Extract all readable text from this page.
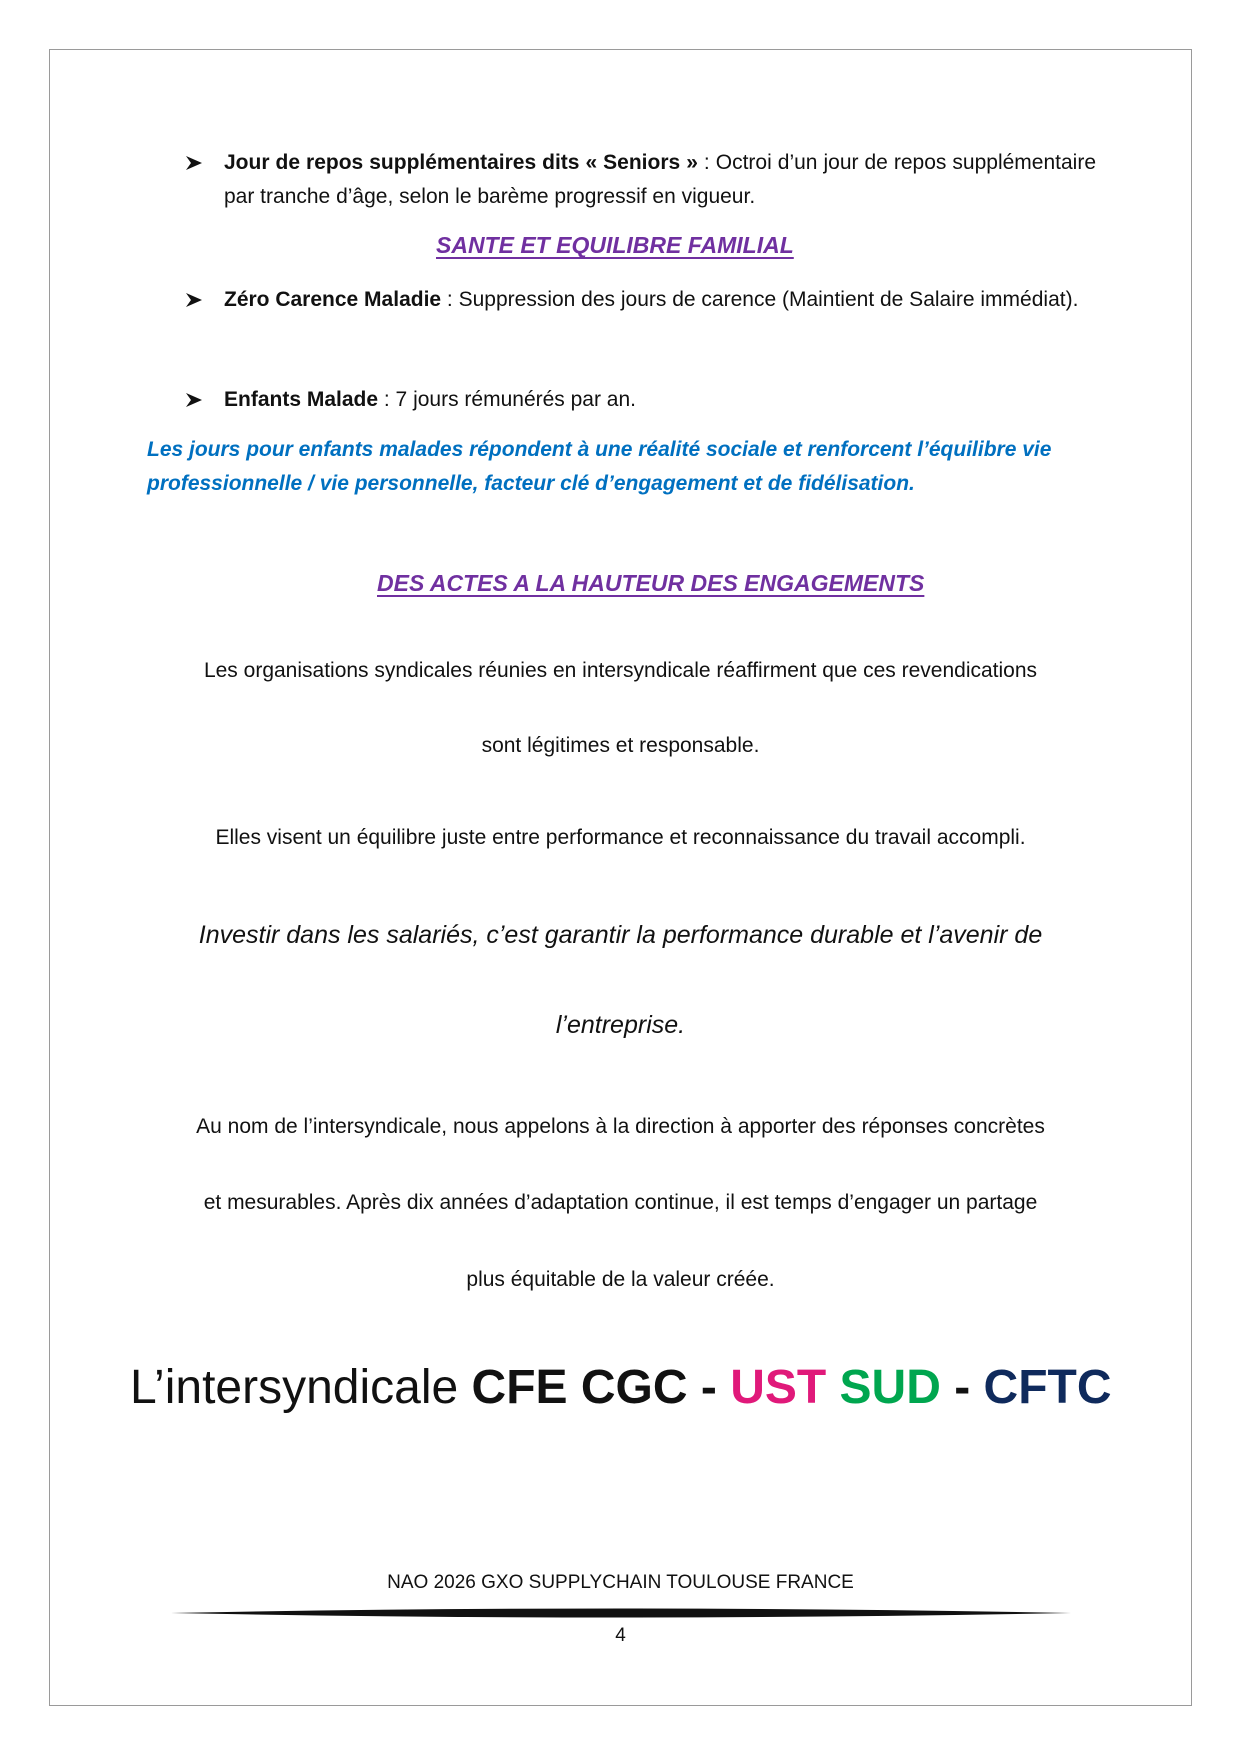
Jour de repos supplémentaires dits « Seniors » : Octroi d’un jour de repos supplémentaire par tranche d’âge, selon le barème progressif en vigueur.
SANTE ET EQUILIBRE FAMILIAL
Zéro Carence Maladie : Suppression des jours de carence (Maintient de Salaire immédiat).
Enfants Malade : 7 jours rémunérés par an.
Les jours pour enfants malades répondent à une réalité sociale et renforcent l’équilibre vie
professionnelle / vie personnelle, facteur clé d’engagement et de fidélisation.
DES ACTES A LA HAUTEUR DES ENGAGEMENTS
Les organisations syndicales réunies en intersyndicale réaffirment que ces revendications
sont légitimes et responsable.
Elles visent un équilibre juste entre performance et reconnaissance du travail accompli.
Investir dans les salariés, c’est garantir la performance durable et l’avenir de
l’entreprise.
Au nom de l’intersyndicale, nous appelons à la direction à apporter des réponses concrètes
et mesurables. Après dix années d’adaptation continue, il est temps d’engager un partage
plus équitable de la valeur créée.
L’intersyndicale CFE CGC - UST SUD - CFTC
NAO 2026 GXO SUPPLYCHAIN TOULOUSE FRANCE
4
